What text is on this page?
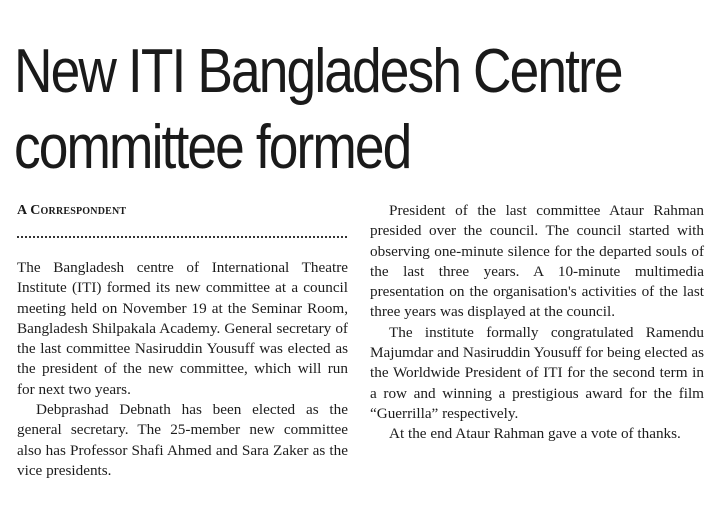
New ITI Bangladesh Centre
committee formed
A Correspondent

The Bangladesh centre of International Theatre Institute (ITI) formed its new committee at a council meeting held on November 19 at the Seminar Room, Bangladesh Shilpakala Academy. General secretary of the last committee Nasiruddin Yousuff was elected as the president of the new committee, which will run for next two years.

Debprashad Debnath has been elected as the general secretary. The 25-member new committee also has Professor Shafi Ahmed and Sara Zaker as the vice presidents.

President of the last committee Ataur Rahman presided over the council. The council started with observing one-minute silence for the departed souls of the last three years. A 10-minute multimedia presentation on the organisation's activities of the last three years was displayed at the council.

The institute formally congratulated Ramendu Majumdar and Nasiruddin Yousuff for being elected as the Worldwide President of ITI for the second term in a row and winning a prestigious award for the film “Guerrilla” respectively.

At the end Ataur Rahman gave a vote of thanks.
